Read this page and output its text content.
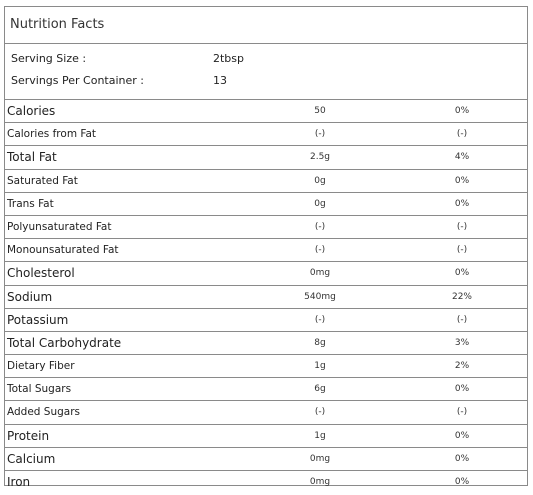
Nutrition Facts
Serving Size :	2tbsp
Servings Per Container :	13
Calories	50	0%
Calories from Fat	(-)	(-)
Total Fat	2.5g	4%
Saturated Fat	0g	0%
Trans Fat	0g	0%
Polyunsaturated Fat	(-)	(-)
Monounsaturated Fat	(-)	(-)
Cholesterol	0mg	0%
Sodium	540mg	22%
Potassium	(-)	(-)
Total Carbohydrate	8g	3%
Dietary Fiber	1g	2%
Total Sugars	6g	0%
Added Sugars	(-)	(-)
Protein	1g	0%
Calcium	0mg	0%
Iron	0mg	0%
